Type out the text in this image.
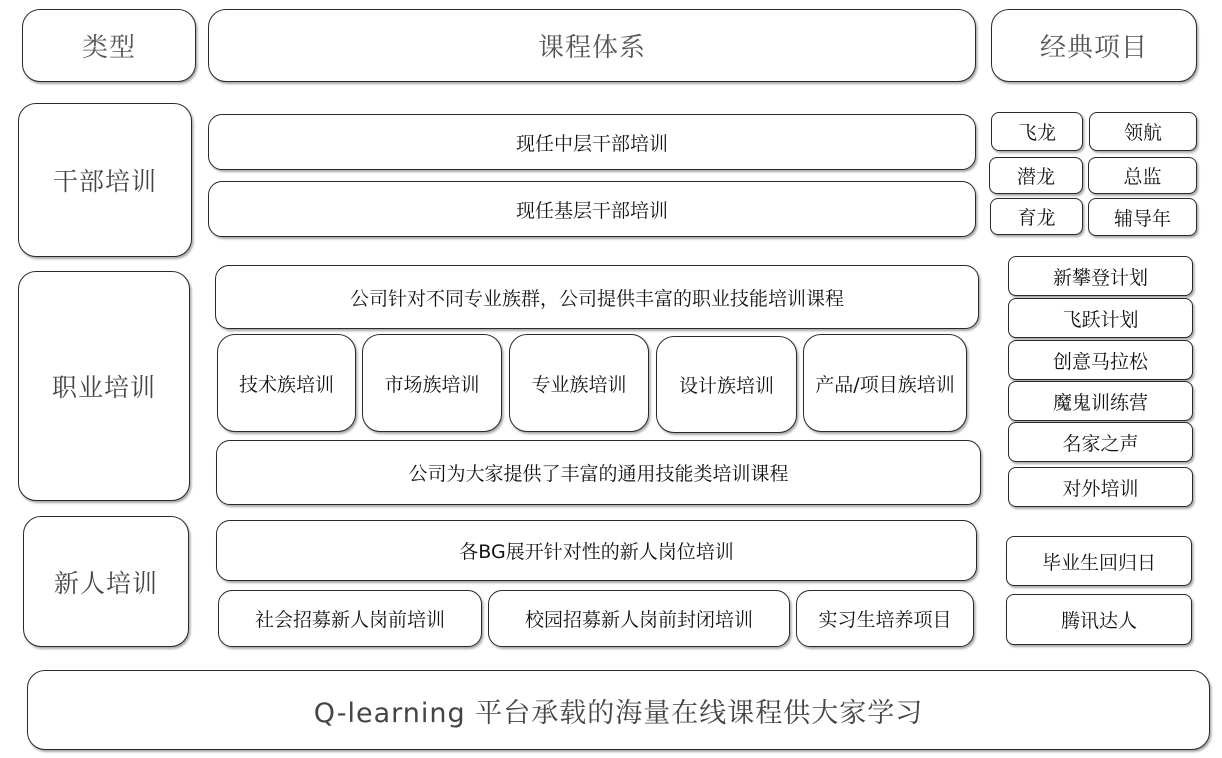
类型	课程体系	经典项目
干部培训
职业培训
新人培训
现任中层干部培训
现任基层干部培训
公司针对不同专业族群，公司提供丰富的职业技能培训课程
技术族培训	市场族培训	专业族培训	设计族培训 产品/项目族培训
公司为大家提供了丰富的通用技能类培训课程
各BG展开针对性的新人岗位培训
社会招募新人岗前培训	校园招募新人岗前封闭培训	实习生培养项目
飞龙	领航
潜龙	总监
育龙	辅导年
新攀登计划
飞跃计划
创意马拉松
魔鬼训练营
名家之声
对外培训
毕业生回归日
腾讯达人
Q-learning 平台承载的海量在线课程供大家学习
